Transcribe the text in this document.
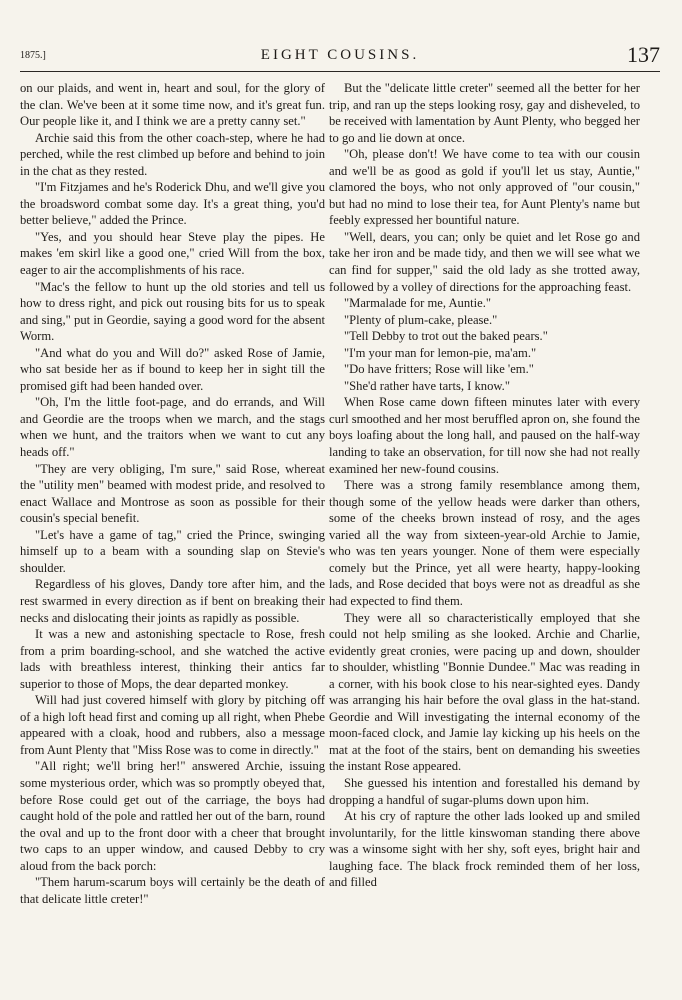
1875.]	EIGHT COUSINS.	137

on our plaids, and went in, heart and soul, for the glory of the clan. We've been at it some time now, and it's great fun. Our people like it, and I think we are a pretty canny set."

Archie said this from the other coach-step, where he had perched, while the rest climbed up before and behind to join in the chat as they rested.

"I'm Fitzjames and he's Roderick Dhu, and we'll give you the broadsword combat some day. It's a great thing, you'd better believe," added the Prince.

"Yes, and you should hear Steve play the pipes. He makes 'em skirl like a good one," cried Will from the box, eager to air the accomplishments of his race.

"Mac's the fellow to hunt up the old stories and tell us how to dress right, and pick out rousing bits for us to speak and sing," put in Geordie, saying a good word for the absent Worm.

"And what do you and Will do?" asked Rose of Jamie, who sat beside her as if bound to keep her in sight till the promised gift had been handed over.

"Oh, I'm the little foot-page, and do errands, and Will and Geordie are the troops when we march, and the stags when we hunt, and the traitors when we want to cut any heads off."

"They are very obliging, I'm sure," said Rose, whereat the "utility men" beamed with modest pride, and resolved to enact Wallace and Montrose as soon as possible for their cousin's special benefit.

"Let's have a game of tag," cried the Prince, swinging himself up to a beam with a sounding slap on Stevie's shoulder.

Regardless of his gloves, Dandy tore after him, and the rest swarmed in every direction as if bent on breaking their necks and dislocating their joints as rapidly as possible.

It was a new and astonishing spectacle to Rose, fresh from a prim boarding-school, and she watched the active lads with breathless interest, thinking their antics far superior to those of Mops, the dear departed monkey.

Will had just covered himself with glory by pitching off of a high loft head first and coming up all right, when Phebe appeared with a cloak, hood and rubbers, also a message from Aunt Plenty that "Miss Rose was to come in directly."

"All right; we'll bring her!" answered Archie, issuing some mysterious order, which was so promptly obeyed that, before Rose could get out of the carriage, the boys had caught hold of the pole and rattled her out of the barn, round the oval and up to the front door with a cheer that brought two caps to an upper window, and caused Debby to cry aloud from the back porch:

"Them harum-scarum boys will certainly be the death of that delicate little creter!"

But the "delicate little creter" seemed all the better for her trip, and ran up the steps looking rosy, gay and disheveled, to be received with lamentation by Aunt Plenty, who begged her to go and lie down at once.

"Oh, please don't! We have come to tea with our cousin and we'll be as good as gold if you'll let us stay, Auntie," clamored the boys, who not only approved of "our cousin," but had no mind to lose their tea, for Aunt Plenty's name but feebly expressed her bountiful nature.

"Well, dears, you can; only be quiet and let Rose go and take her iron and be made tidy, and then we will see what we can find for supper," said the old lady as she trotted away, followed by a volley of directions for the approaching feast.

"Marmalade for me, Auntie."

"Plenty of plum-cake, please."

"Tell Debby to trot out the baked pears."

"I'm your man for lemon-pie, ma'am."

"Do have fritters; Rose will like 'em."

"She'd rather have tarts, I know."

When Rose came down fifteen minutes later with every curl smoothed and her most beruffled apron on, she found the boys loafing about the long hall, and paused on the half-way landing to take an observation, for till now she had not really examined her new-found cousins.

There was a strong family resemblance among them, though some of the yellow heads were darker than others, some of the cheeks brown instead of rosy, and the ages varied all the way from sixteen-year-old Archie to Jamie, who was ten years younger. None of them were especially comely but the Prince, yet all were hearty, happy-looking lads, and Rose decided that boys were not as dreadful as she had expected to find them.

They were all so characteristically employed that she could not help smiling as she looked. Archie and Charlie, evidently great cronies, were pacing up and down, shoulder to shoulder, whistling "Bonnie Dundee." Mac was reading in a corner, with his book close to his near-sighted eyes. Dandy was arranging his hair before the oval glass in the hat-stand. Geordie and Will investigating the internal economy of the moon-faced clock, and Jamie lay kicking up his heels on the mat at the foot of the stairs, bent on demanding his sweeties the instant Rose appeared.

She guessed his intention and forestalled his demand by dropping a handful of sugar-plums down upon him.

At his cry of rapture the other lads looked up and smiled involuntarily, for the little kinswoman standing there above was a winsome sight with her shy, soft eyes, bright hair and laughing face. The black frock reminded them of her loss, and filled
